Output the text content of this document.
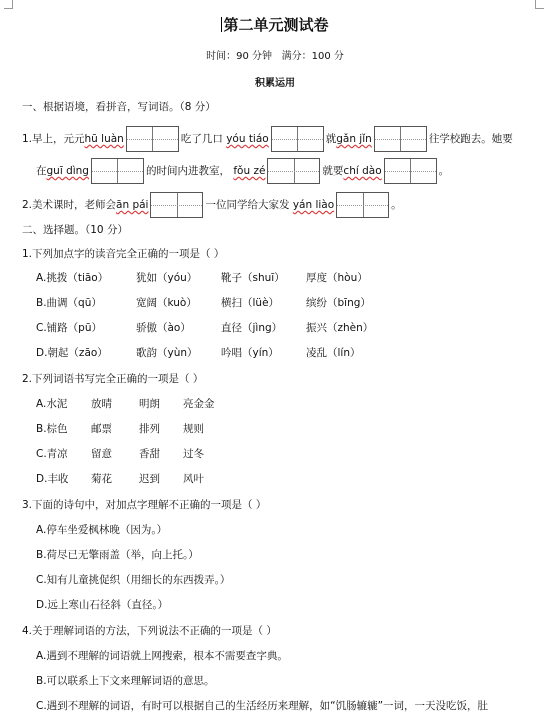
第二单元测试卷
时间：90 分钟 满分：100 分
积累运用
一、根据语境，看拼音，写词语。（8 分）
1.早上，元元hū luàn	吃了几口 yóu tiáo	就gǎn jǐn	往学校跑去。她要
在guī dìng	的时间内进教室， fǒu zé	就要chí dào	。
2.美术课时，老师会ān pái	一位同学给大家发 yán liào	。
二、选择题。（10 分）
1.下列加点字的读音完全正确的一项是（ ）
A.挑拨（tiāo）	犹如（yóu） 靴子（shuī） 厚度（hòu）
B.曲调（qū）	宽阔（kuò） 横扫（lüè）	缤纷（bīng）
C.铺路（pū）	骄傲（ào）	直径（jìng） 振兴（zhèn）
D.朝起（zāo）	歌韵（yùn） 吟唱（yín）	凌乱（lín）
2.下列词语书写完全正确的一项是（ ）
A.水泥 放晴	明朗 亮金金
B.棕色 邮票	排列 规则
C.青凉 留意	香甜 过冬
D.丰收 菊花	迟到 风叶
3.下面的诗句中，对加点字理解不正确的一项是（ ）
A.停车坐爱枫林晚（因为。）
B.荷尽已无擎雨盖（举，向上托。）
C.知有儿童挑促织（用细长的东西拨弄。）
D.远上寒山石径斜（直径。）
4.关于理解词语的方法，下列说法不正确的一项是（ ）
A.遇到不理解的词语就上网搜索，根本不需要查字典。
B.可以联系上下文来理解词语的意思。
C.遇到不理解的词语，有时可以根据自己的生活经历来理解，如“饥肠辘辘”一词，一天没吃饭，肚
